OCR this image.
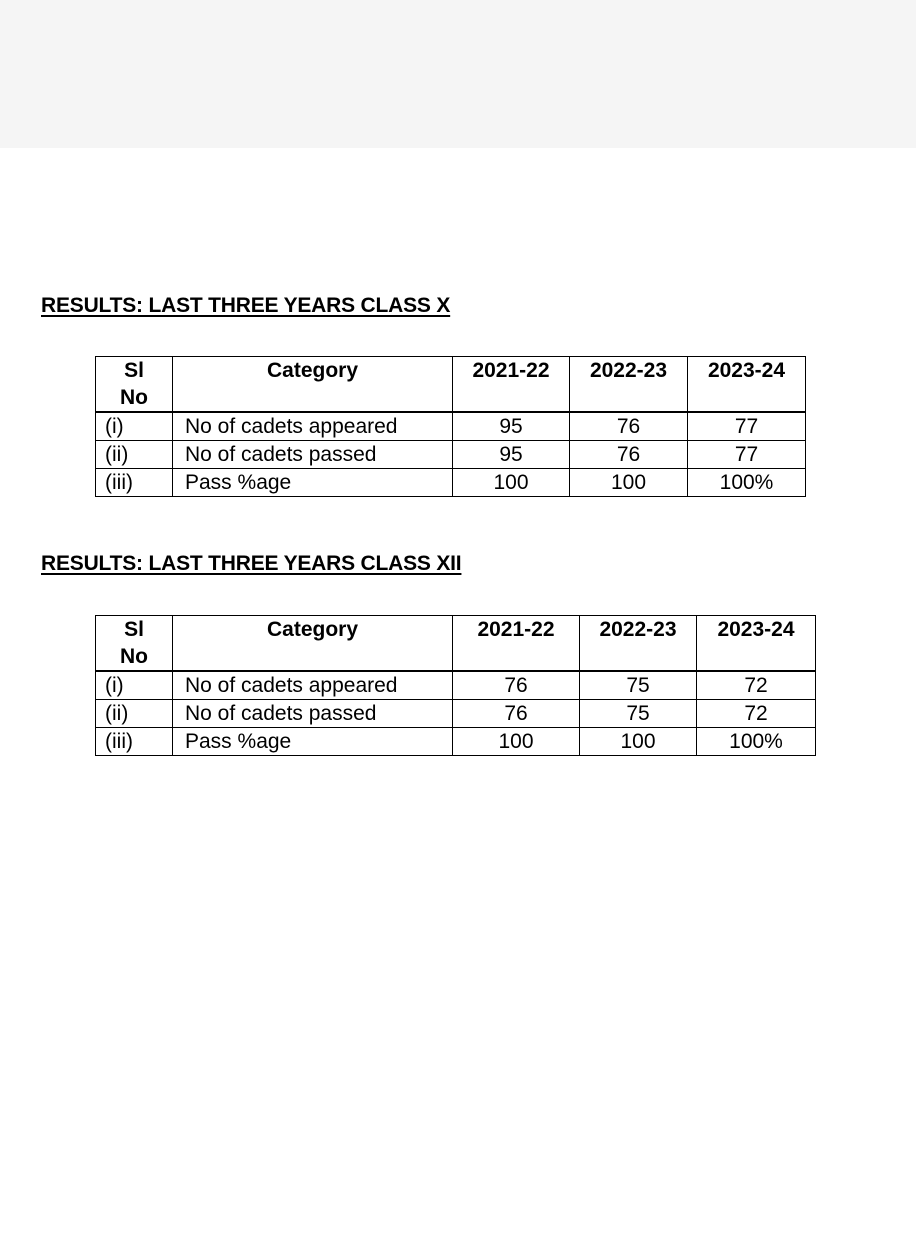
RESULTS: LAST THREE YEARS CLASS X
Sl
No	Category	2021-22	2022-23	2023-24
(i)	No of cadets appeared	95	76	77
(ii)	No of cadets passed	95	76	77
(iii)	Pass %age	100	100	100%
RESULTS: LAST THREE YEARS CLASS XII
Sl
No	Category	2021-22	2022-23	2023-24
(i)	No of cadets appeared	76	75	72
(ii)	No of cadets passed	76	75	72
(iii)	Pass %age	100	100	100%
